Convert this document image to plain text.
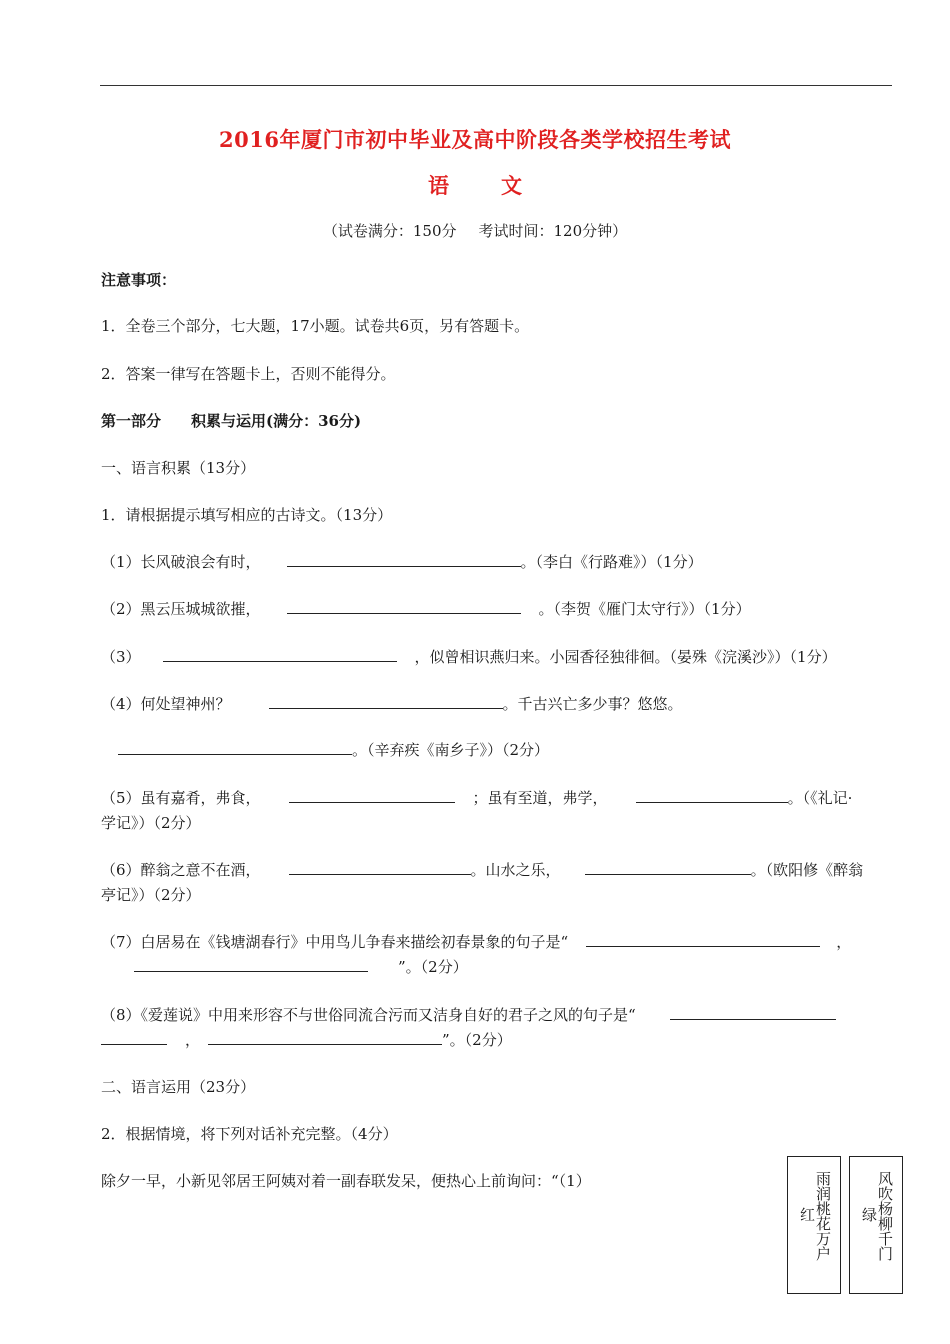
2016年厦门市初中毕业及高中阶段各类学校招生考试
语 文
（试卷满分：150分 考试时间：120分钟）
注意事项：
1．全卷三个部分，七大题，17小题。试卷共6页，另有答题卡。
2．答案一律写在答题卡上，否则不能得分。
第一部分　　积累与运用(满分：36分)
一、语言积累（13分）
1．请根据提示填写相应的古诗文。（13分）
（1）长风破浪会有时，	。（李白《行路难》）（1分）
（2）黑云压城城欲摧，	。（李贺《雁门太守行》）（1分）
（3）	，似曾相识燕归来。小园香径独徘徊。（晏殊《浣溪沙》）（1分）
（4）何处望神州？	。千古兴亡多少事？悠悠。
。（辛弃疾《南乡子》）（2分）
（5）虽有嘉肴，弗食，	；虽有至道，弗学，	。（《礼记·
学记》）（2分）
（6）醉翁之意不在酒，	。山水之乐，	。（欧阳修《醉翁
亭记》）（2分）
（7）白居易在《钱塘湖春行》中用鸟儿争春来描绘初春景象的句子是“	，
”。（2分）
（8）《爱莲说》中用来形容不与世俗同流合污而又洁身自好的君子之风的句子是“
，	”。（2分）
二、语言运用（23分）
2．根据情境，将下列对话补充完整。（4分）
除夕一早，小新见邻居王阿姨对着一副春联发呆，便热心上前询问：“（1）	雨润桃花万户
红	风吹杨柳千门
绿
